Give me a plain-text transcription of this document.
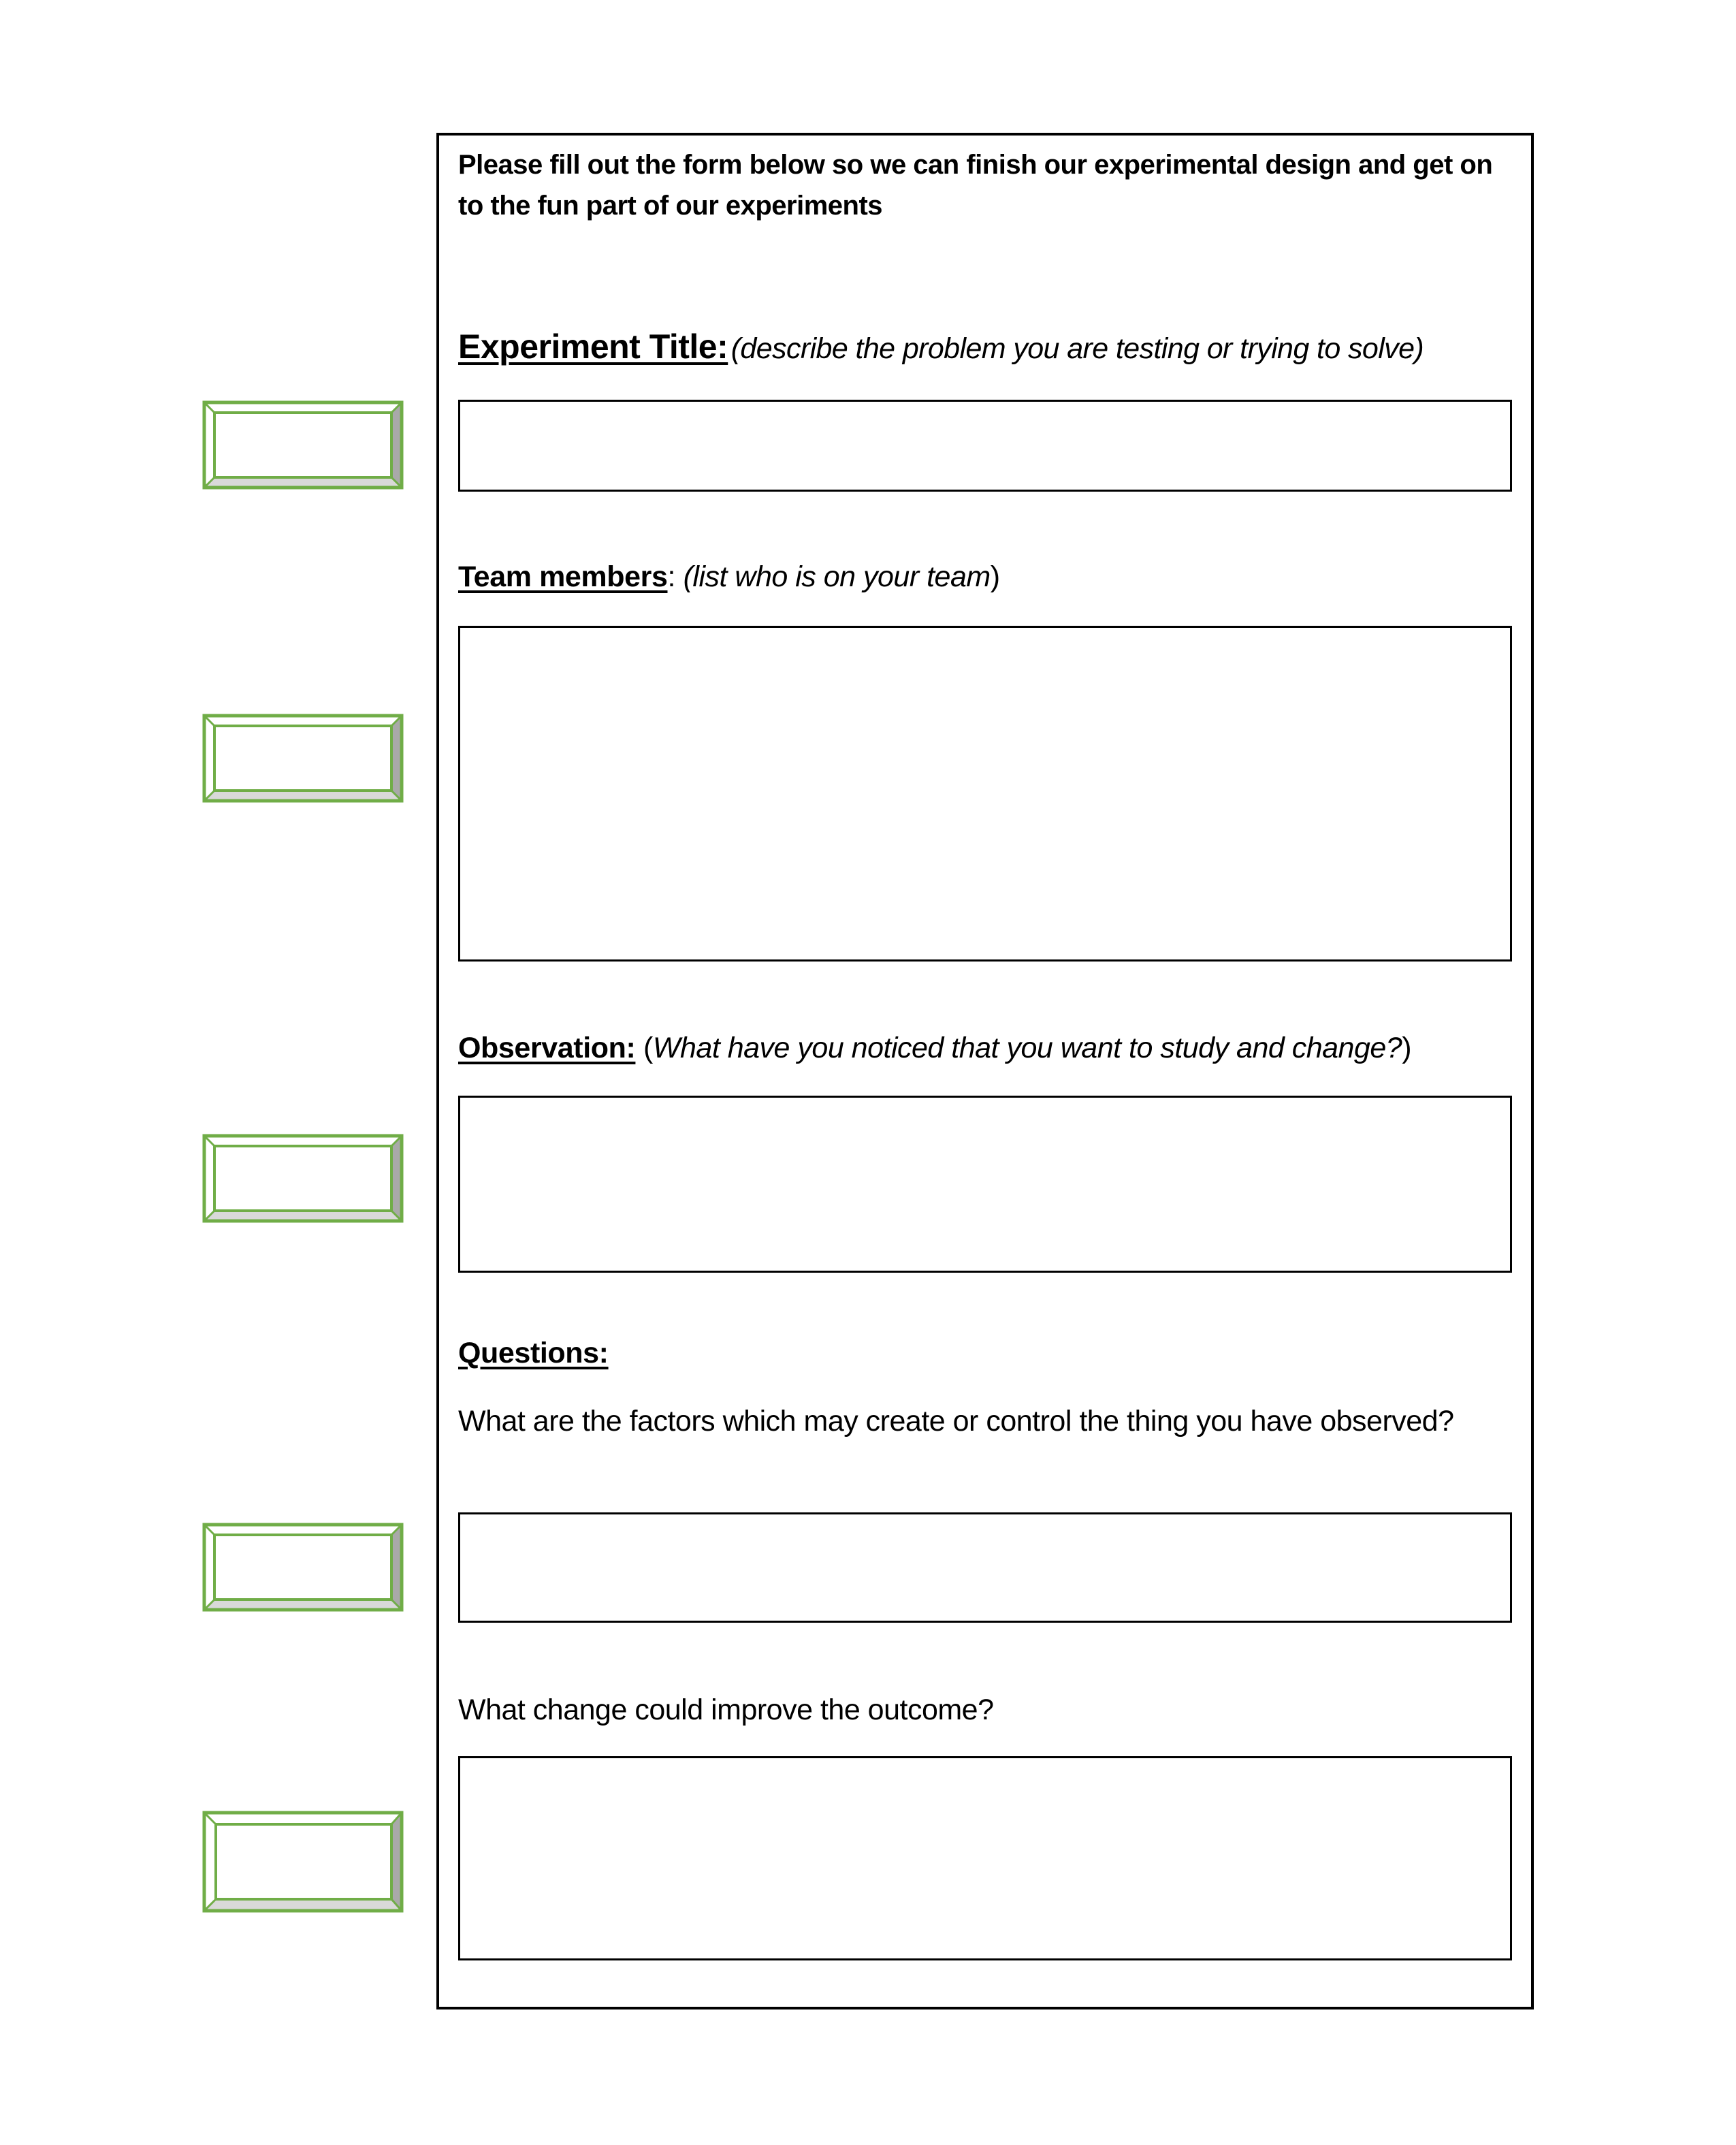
Please fill out the form below so we can finish our experimental design and get on to the fun part of our experiments
Experiment Title: (describe the problem you are testing or trying to solve)
Team members: (list who is on your team)
Observation: (What have you noticed that you want to study and change?)
Questions:
What are the factors which may create or control the thing you have observed?
What change could improve the outcome?
